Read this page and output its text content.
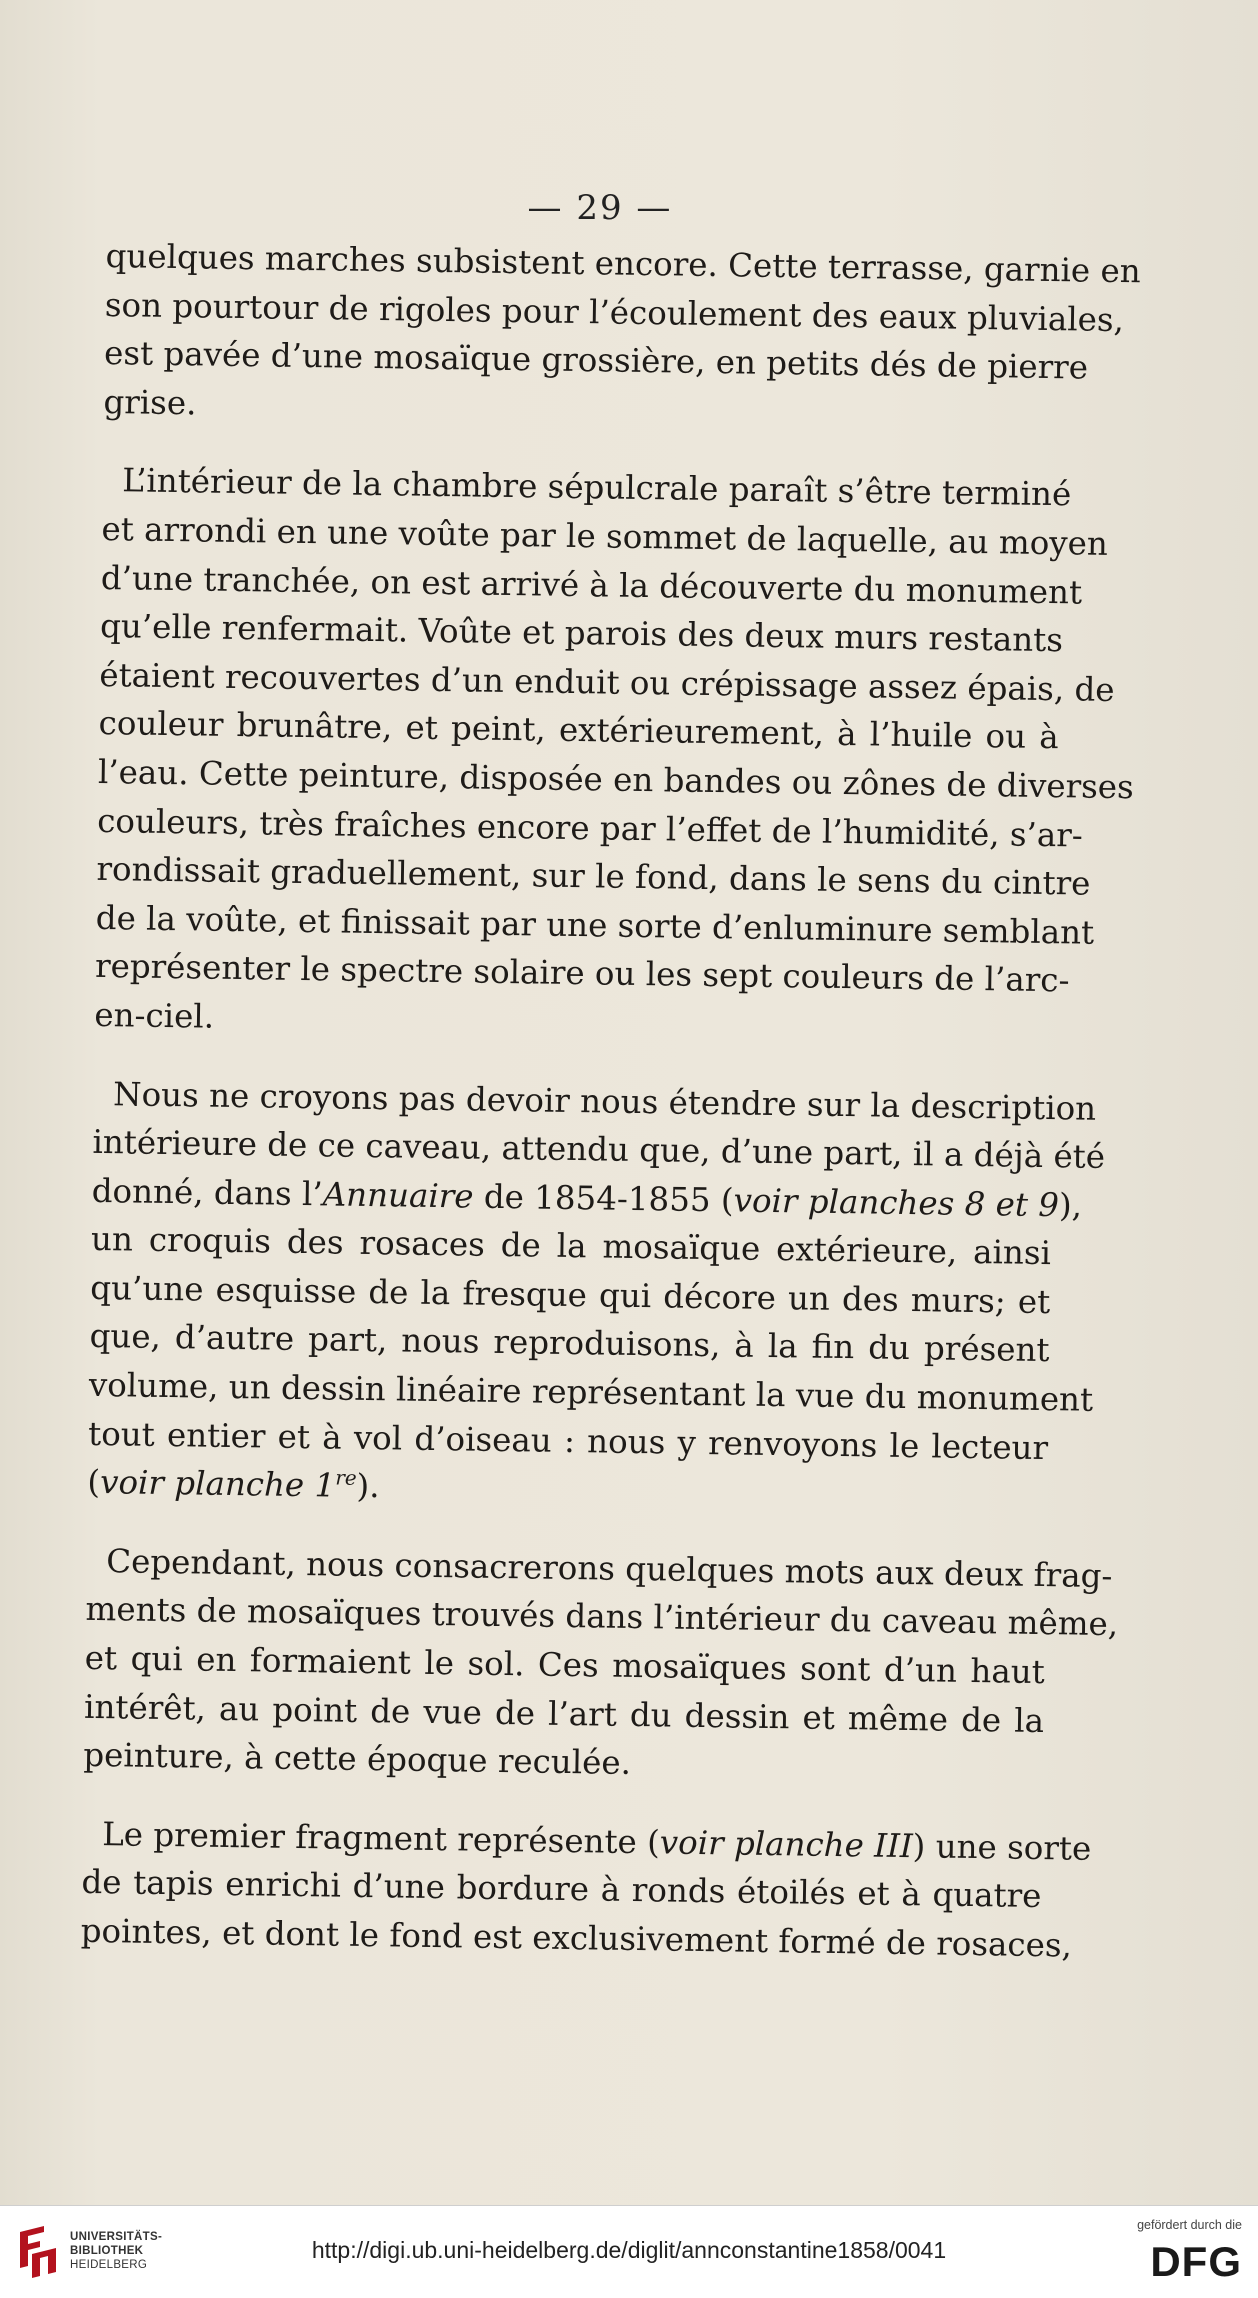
— 29 —
quelques marches subsistent encore. Cette terrasse, garnie en
son pourtour de rigoles pour l’écoulement des eaux pluviales,
est pavée d’une mosaïque grossière, en petits dés de pierre
grise.
L’intérieur de la chambre sépulcrale paraît s’être terminé
et arrondi en une voûte par le sommet de laquelle, au moyen
d’une tranchée, on est arrivé à la découverte du monument
qu’elle renfermait. Voûte et parois des deux murs restants
étaient recouvertes d’un enduit ou crépissage assez épais, de
couleur brunâtre, et peint, extérieurement, à l’huile ou à
l’eau. Cette peinture, disposée en bandes ou zônes de diverses
couleurs, très fraîches encore par l’effet de l’humidité, s’ar-
rondissait graduellement, sur le fond, dans le sens du cintre
de la voûte, et finissait par une sorte d’enluminure semblant
représenter le spectre solaire ou les sept couleurs de l’arc-
en-ciel.
Nous ne croyons pas devoir nous étendre sur la description
intérieure de ce caveau, attendu que, d’une part, il a déjà été
donné, dans l’Annuaire de 1854-1855 (voir planches 8 et 9),
un croquis des rosaces de la mosaïque extérieure, ainsi
qu’une esquisse de la fresque qui décore un des murs; et
que, d’autre part, nous reproduisons, à la fin du présent
volume, un dessin linéaire représentant la vue du monument
tout entier et à vol d’oiseau : nous y renvoyons le lecteur
(voir planche 1re).
Cependant, nous consacrerons quelques mots aux deux frag-
ments de mosaïques trouvés dans l’intérieur du caveau même,
et qui en formaient le sol. Ces mosaïques sont d’un haut
intérêt, au point de vue de l’art du dessin et même de la
peinture, à cette époque reculée.
Le premier fragment représente (voir planche III) une sorte
de tapis enrichi d’une bordure à ronds étoilés et à quatre
pointes, et dont le fond est exclusivement formé de rosaces,
UNIVERSITÄTS-
BIBLIOTHEK
HEIDELBERG
http://digi.ub.uni-heidelberg.de/diglit/annconstantine1858/0041
gefördert durch die
DFG
